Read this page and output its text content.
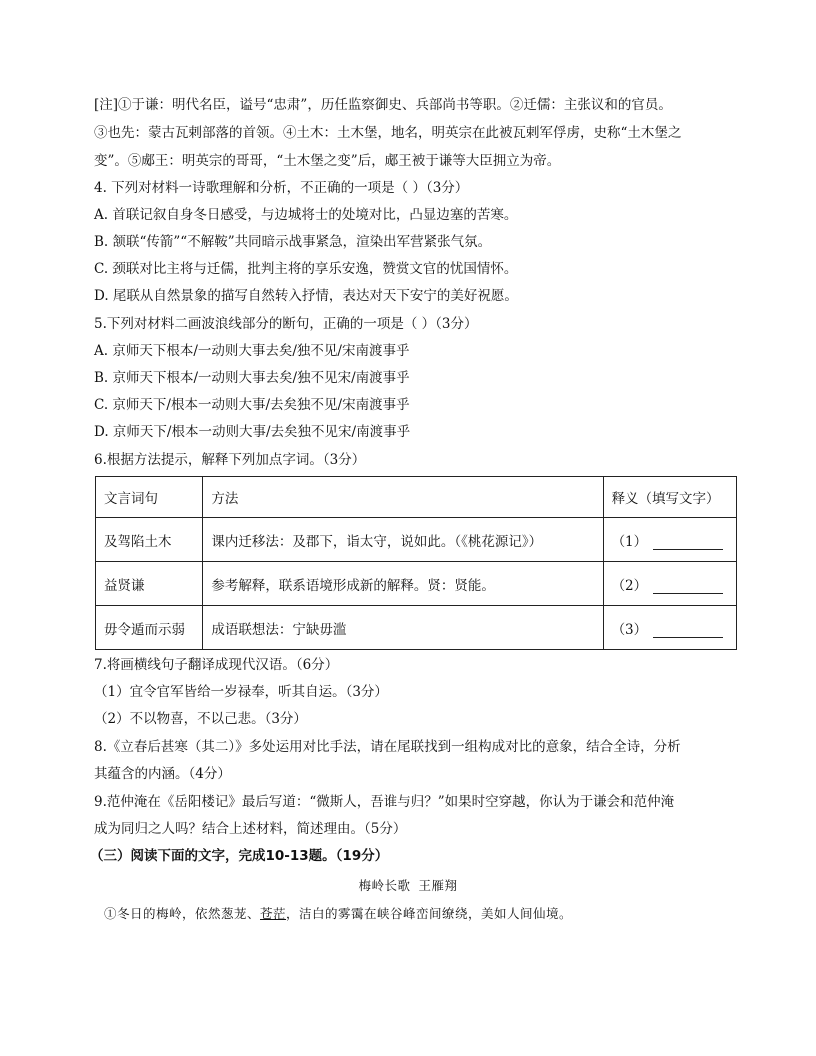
[注]①于谦：明代名臣，谥号“忠肃”，历任监察御史、兵部尚书等职。②迁儒：主张议和的官员。
③也先：蒙古瓦剌部落的首领。④土木：土木堡，地名，明英宗在此被瓦剌军俘虏，史称“土木堡之
变”。⑤郕王：明英宗的哥哥，“土木堡之变”后，郕王被于谦等大臣拥立为帝。
4. 下列对材料一诗歌理解和分析，不正确的一项是（ ）（3分）
A. 首联记叙自身冬日感受，与边城将士的处境对比，凸显边塞的苦寒。
B. 颔联“传箭”“不解鞍”共同暗示战事紧急，渲染出军营紧张气氛。
C. 颈联对比主将与迁儒，批判主将的享乐安逸，赞赏文官的忧国情怀。
D. 尾联从自然景象的描写自然转入抒情，表达对天下安宁的美好祝愿。
5.下列对材料二画波浪线部分的断句，正确的一项是（ ）（3分）
A. 京师天下根本/一动则大事去矣/独不见/宋南渡事乎
B. 京师天下根本/一动则大事去矣/独不见宋/南渡事乎
C. 京师天下/根本一动则大事/去矣独不见/宋南渡事乎
D. 京师天下/根本一动则大事/去矣独不见宋/南渡事乎
6.根据方法提示，解释下列加点字词。（3分）
文言词句	方法	释义（填写文字）
及驾陷土木	课内迁移法：及郡下，诣太守，说如此。（《桃花源记》）	（1）
益贤谦	参考解释，联系语境形成新的解释。贤：贤能。	（2）
毋令遁而示弱	成语联想法：宁缺毋滥	（3）
7.将画横线句子翻译成现代汉语。（6分）
（1）宜令官军皆给一岁禄奉，听其自运。（3分）
（2）不以物喜，不以己悲。（3分）
8.《立春后甚寒（其二）》多处运用对比手法，请在尾联找到一组构成对比的意象，结合全诗，分析
其蕴含的内涵。（4分）
9.范仲淹在《岳阳楼记》最后写道：“微斯人，吾谁与归？”如果时空穿越，你认为于谦会和范仲淹
成为同归之人吗？结合上述材料，简述理由。（5分）
（三）阅读下面的文字，完成10-13题。（19分）
梅岭长歌 王雁翔
①冬日的梅岭，依然葱茏、苍茫，洁白的雾霭在峡谷峰峦间缭绕，美如人间仙境。
